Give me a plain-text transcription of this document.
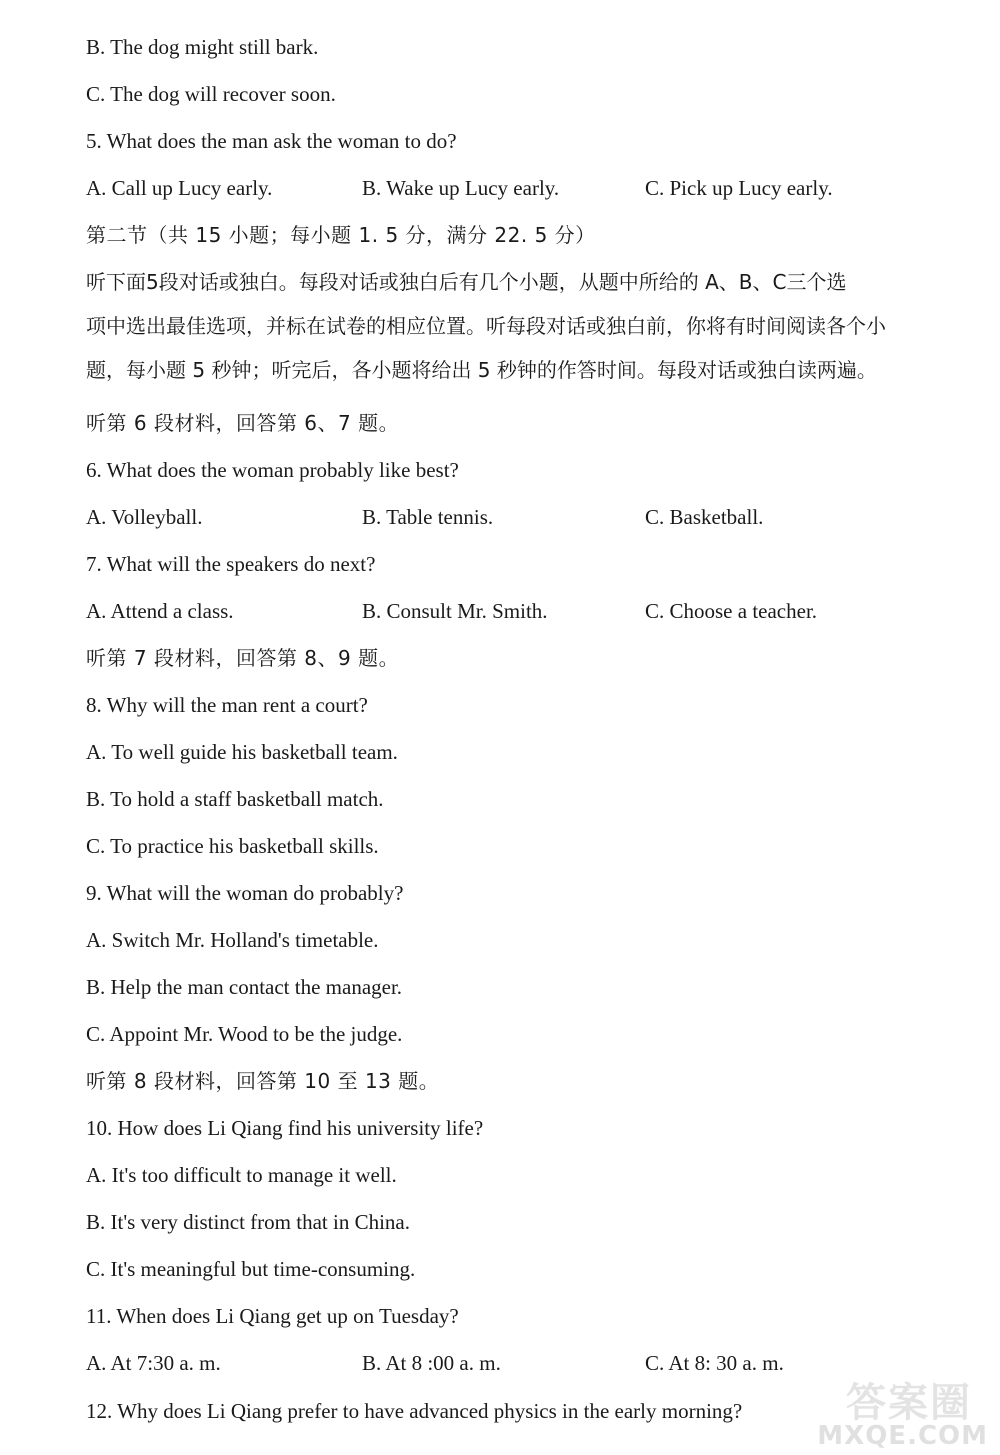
B. The dog might still bark.
C. The dog will recover soon.
5. What does the man ask the woman to do?
A. Call up Lucy early.	B. Wake up Lucy early.	C. Pick up Lucy early.
第二节（共 15 小题；每小题 1. 5 分，满分 22. 5 分）
听下面5段对话或独白。每段对话或独白后有几个小题，从题中所给的 A、B、C三个选
项中选出最佳选项，并标在试卷的相应位置。听每段对话或独白前，你将有时间阅读各个小
题，每小题 5 秒钟；听完后，各小题将给出 5 秒钟的作答时间。每段对话或独白读两遍。
听第 6 段材料，回答第 6、7 题。
6. What does the woman probably like best?
A. Volleyball.	B. Table tennis.	C. Basketball.
7. What will the speakers do next?
A. Attend a class.	B. Consult Mr. Smith.	C. Choose a teacher.
听第 7 段材料，回答第 8、9 题。
8. Why will the man rent a court?
A. To well guide his basketball team.
B. To hold a staff basketball match.
C. To practice his basketball skills.
9. What will the woman do probably?
A. Switch Mr. Holland's timetable.
B. Help the man contact the manager.
C. Appoint Mr. Wood to be the judge.
听第 8 段材料，回答第 10 至 13 题。
10. How does Li Qiang find his university life?
A. It's too difficult to manage it well.
B. It's very distinct from that in China.
C. It's meaningful but time-consuming.
11. When does Li Qiang get up on Tuesday?
A. At 7:30 a. m.	B. At 8 :00 a. m.	C. At 8: 30 a. m.
12. Why does Li Qiang prefer to have advanced physics in the early morning?	答案圈
MXQE.COM
